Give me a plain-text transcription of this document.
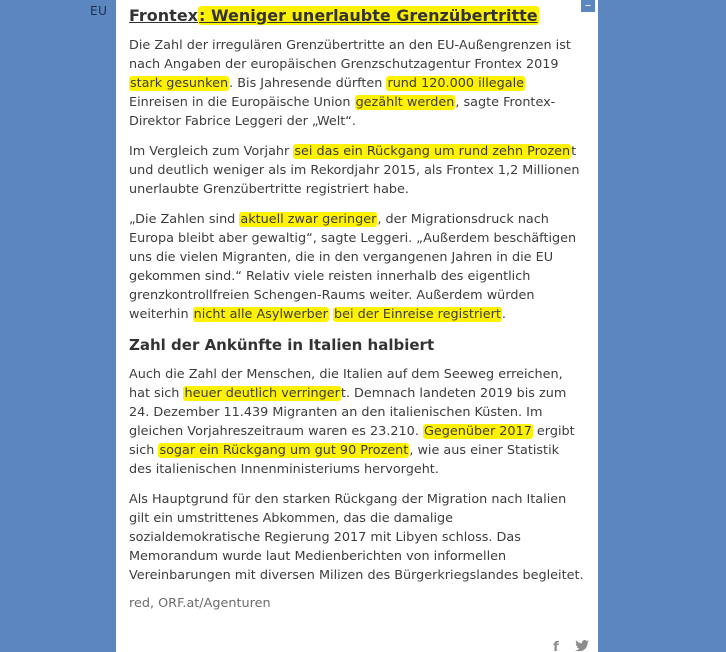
EU	–
Frontex: Weniger unerlaubte Grenzübertritte

Die Zahl der irregulären Grenzübertritte an den EU-Außengrenzen ist nach Angaben der europäischen Grenzschutzagentur Frontex 2019 stark gesunken. Bis Jahresende dürften rund 120.000 illegale Einreisen in die Europäische Union gezählt werden, sagte Frontex-Direktor Fabrice Leggeri der „Welt“.

Im Vergleich zum Vorjahr sei das ein Rückgang um rund zehn Prozent und deutlich weniger als im Rekordjahr 2015, als Frontex 1,2 Millionen unerlaubte Grenzübertritte registriert habe.

„Die Zahlen sind aktuell zwar geringer, der Migrationsdruck nach Europa bleibt aber gewaltig“, sagte Leggeri. „Außerdem beschäftigen uns die vielen Migranten, die in den vergangenen Jahren in die EU gekommen sind.“ Relativ viele reisten innerhalb des eigentlich grenzkontrollfreien Schengen-Raums weiter. Außerdem würden weiterhin nicht alle Asylwerber bei der Einreise registriert.

Zahl der Ankünfte in Italien halbiert

Auch die Zahl der Menschen, die Italien auf dem Seeweg erreichen, hat sich heuer deutlich verringert. Demnach landeten 2019 bis zum 24. Dezember 11.439 Migranten an den italienischen Küsten. Im gleichen Vorjahreszeitraum waren es 23.210. Gegenüber 2017 ergibt sich sogar ein Rückgang um gut 90 Prozent, wie aus einer Statistik des italienischen Innenministeriums hervorgeht.

Als Hauptgrund für den starken Rückgang der Migration nach Italien gilt ein umstrittenes Abkommen, das die damalige sozialdemokratische Regierung 2017 mit Libyen schloss. Das Memorandum wurde laut Medienberichten von informellen Vereinbarungen mit diversen Milizen des Bürgerkriegslandes begleitet.

red, ORF.at/Agenturen
f
